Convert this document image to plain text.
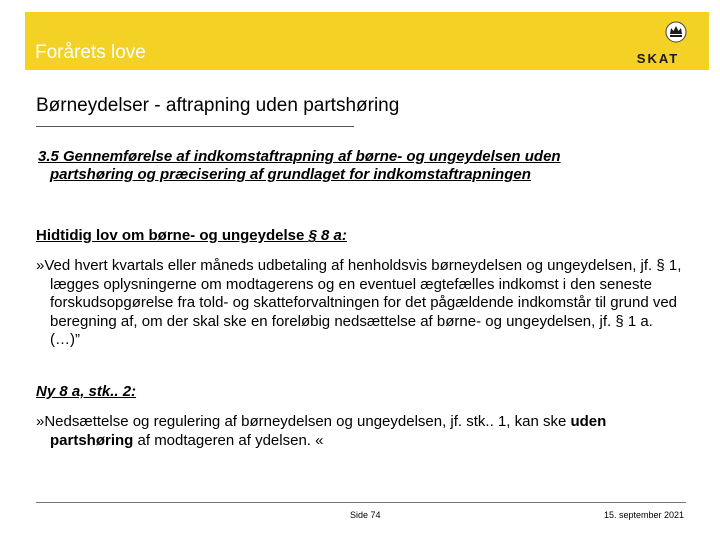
Forårets love	SKAT
Børneydelser - aftrapning uden partshøring
3.5 Gennemførelse af indkomstaftrapning af børne- og ungeydelsen uden
partshøring og præcisering af grundlaget for indkomstaftrapningen
Hidtidig lov om børne- og ungeydelse § 8 a:
»Ved hvert kvartals eller måneds udbetaling af henholdsvis børneydelsen og ungeydelsen, jf. § 1, lægges oplysningerne om modtagerens og en eventuel ægtefælles indkomst i den seneste forskudsopgørelse fra told- og skatteforvaltningen for det pågældende indkomstår til grund ved beregning af, om der skal ske en foreløbig nedsættelse af børne- og ungeydelsen, jf. § 1 a. (…)”
Ny 8 a, stk.. 2:
»Nedsættelse og regulering af børneydelsen og ungeydelsen, jf. stk.. 1, kan ske uden partshøring af modtageren af ydelsen. «
Side 74	15. september 2021
